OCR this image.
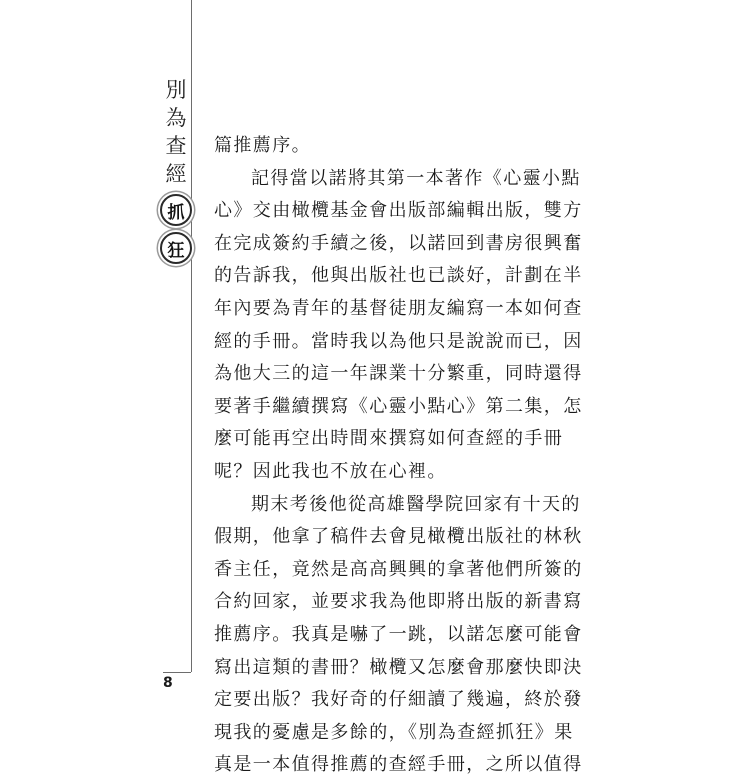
別
為
查
經
抓
狂
篇推薦序。
記得當以諾將其第一本著作《心靈小點
心》交由橄欖基金會出版部編輯出版，雙方
在完成簽約手續之後，以諾回到書房很興奮
的告訴我，他與出版社也已談好，計劃在半
年內要為青年的基督徒朋友編寫一本如何查
經的手冊。當時我以為他只是說說而已，因
為他大三的這一年課業十分繁重，同時還得
要著手繼續撰寫《心靈小點心》第二集，怎
麼可能再空出時間來撰寫如何查經的手冊
呢？因此我也不放在心裡。
期末考後他從高雄醫學院回家有十天的
假期，他拿了稿件去會見橄欖出版社的林秋
香主任，竟然是高高興興的拿著他們所簽的
合約回家，並要求我為他即將出版的新書寫
推薦序。我真是嚇了一跳，以諾怎麼可能會
寫出這類的書冊？橄欖又怎麼會那麼快即決
定要出版？我好奇的仔細讀了幾遍，終於發
現我的憂慮是多餘的，《別為查經抓狂》果
真是一本值得推薦的查經手冊，之所以值得
8
